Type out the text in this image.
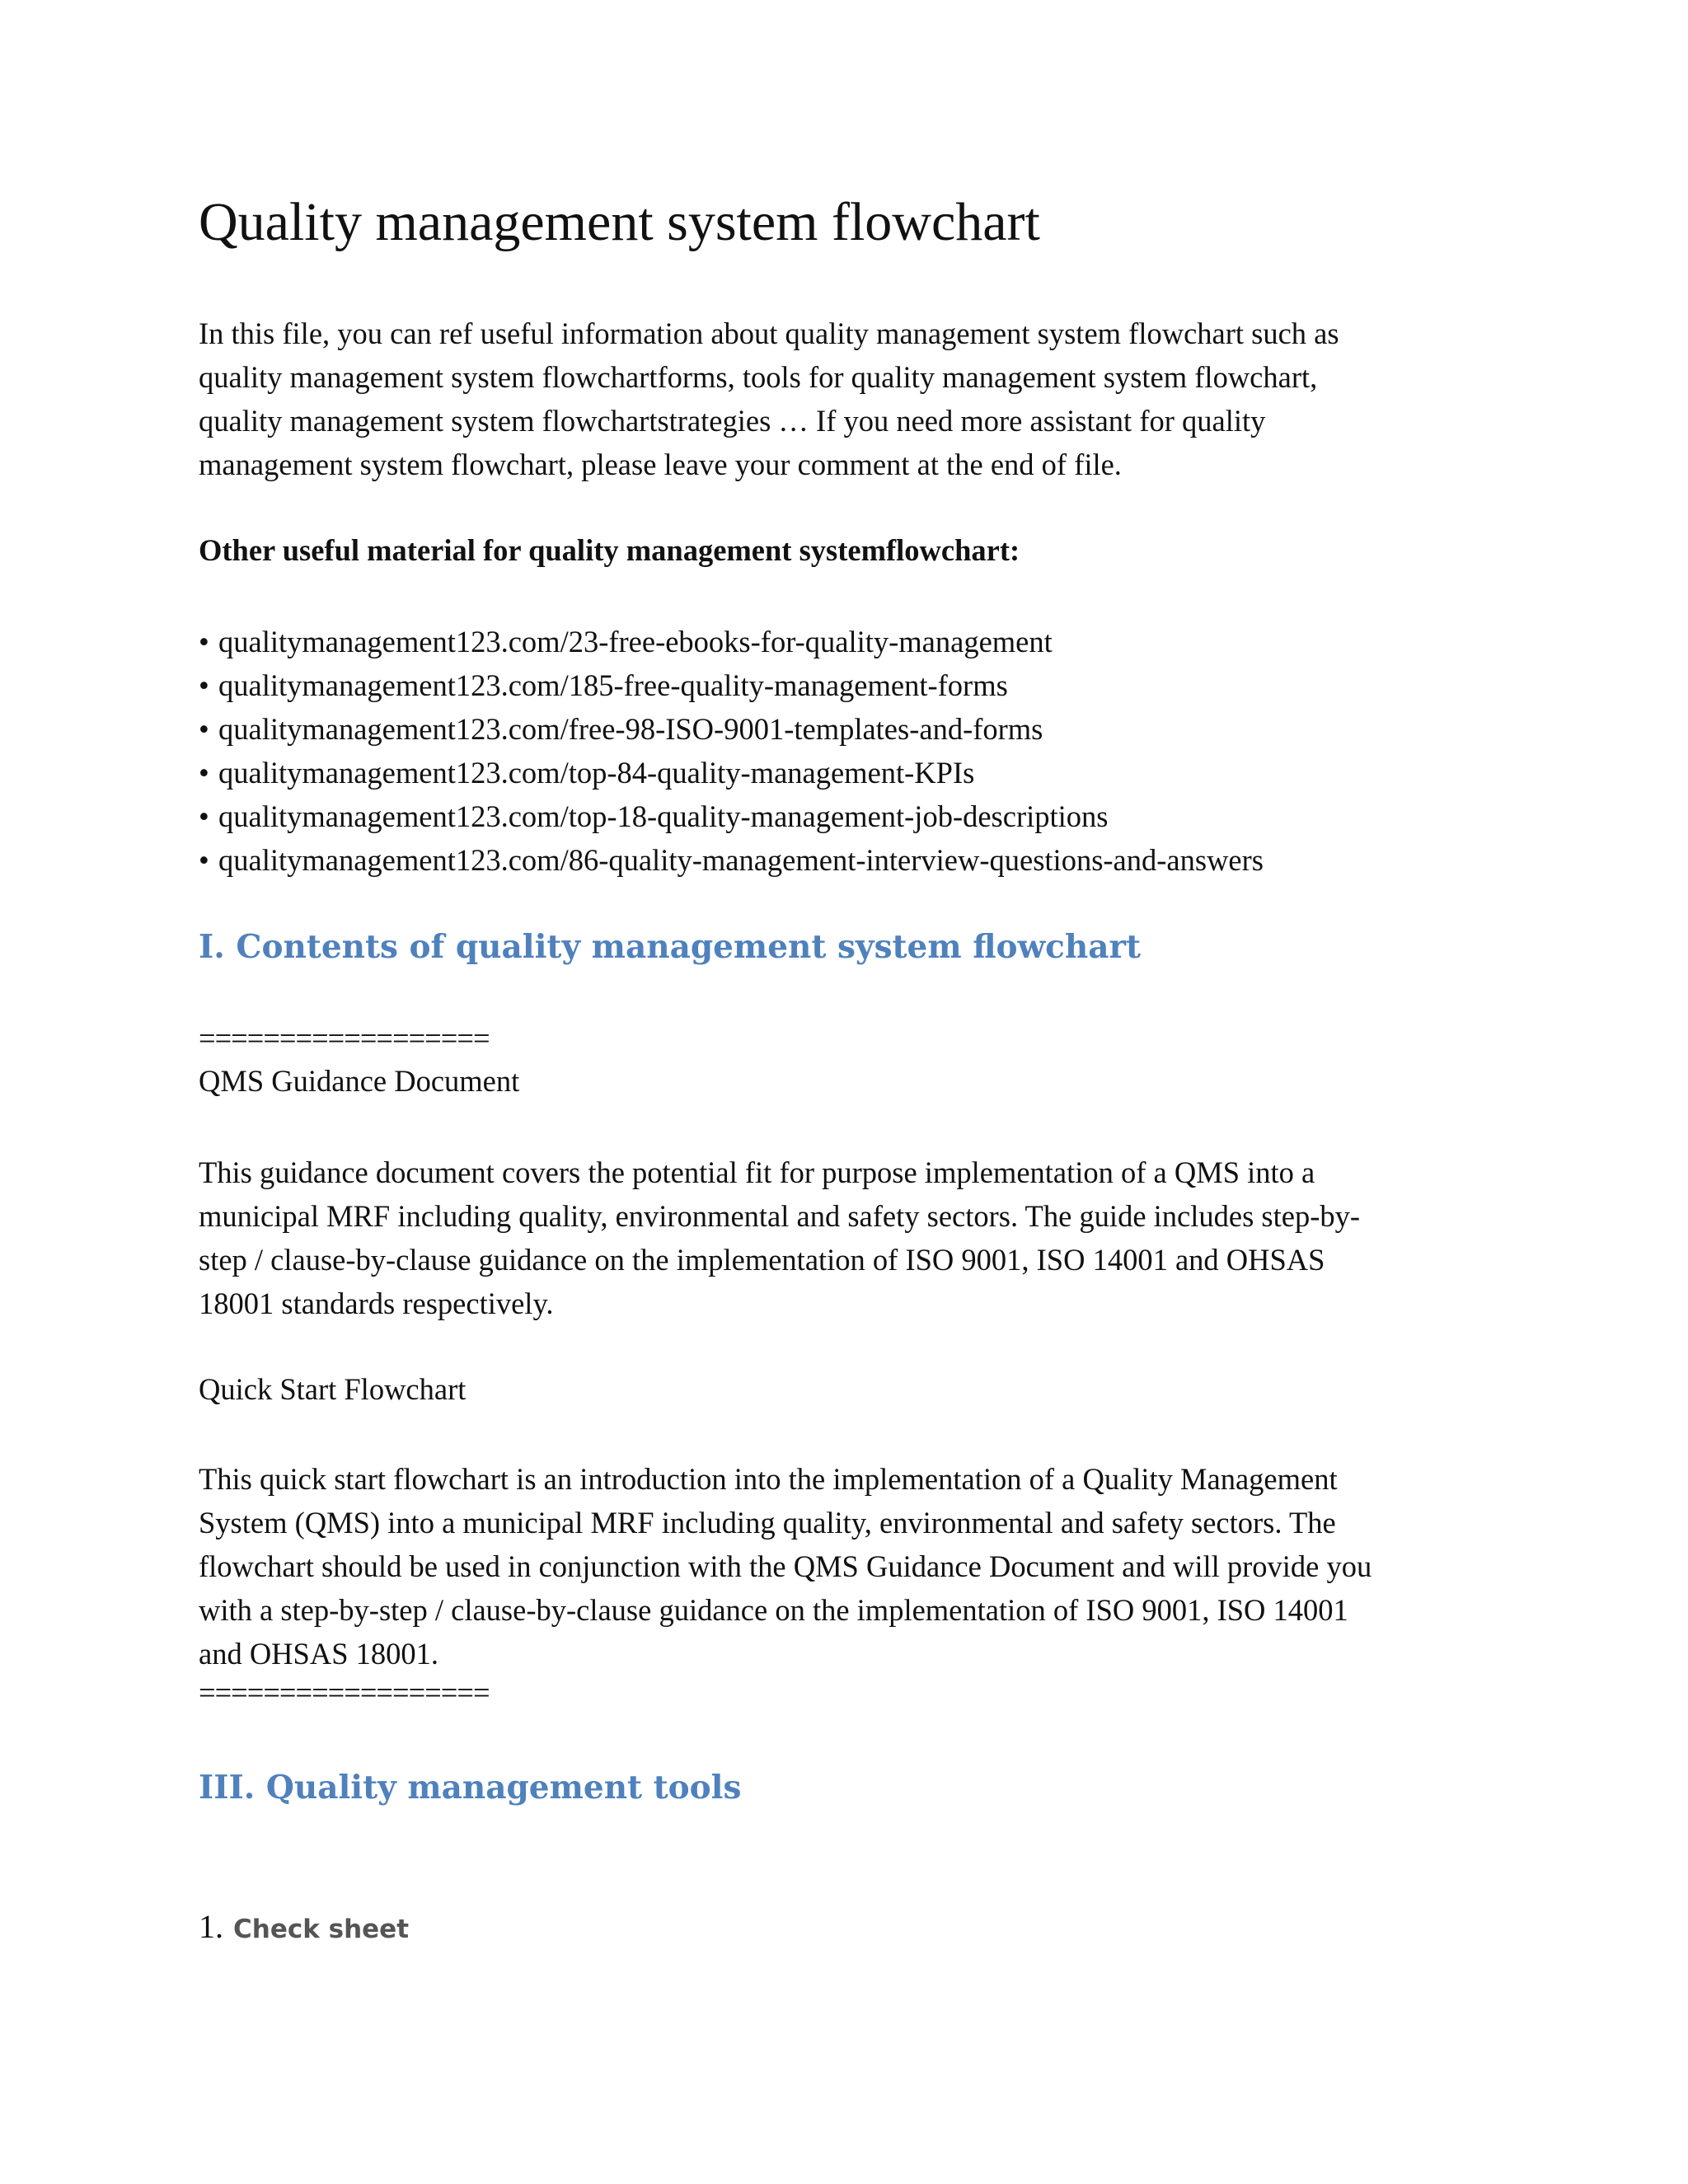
Quality management system flowchart

In this file, you can ref useful information about quality management system flowchart such as
quality management system flowchartforms, tools for quality management system flowchart,
quality management system flowchartstrategies … If you need more assistant for quality
management system flowchart, please leave your comment at the end of file.

Other useful material for quality management systemflowchart:

• qualitymanagement123.com/23-free-ebooks-for-quality-management
• qualitymanagement123.com/185-free-quality-management-forms
• qualitymanagement123.com/free-98-ISO-9001-templates-and-forms
• qualitymanagement123.com/top-84-quality-management-KPIs
• qualitymanagement123.com/top-18-quality-management-job-descriptions
• qualitymanagement123.com/86-quality-management-interview-questions-and-answers
I. Contents of quality management system flowchart

==================

QMS Guidance Document

This guidance document covers the potential fit for purpose implementation of a QMS into a
municipal MRF including quality, environmental and safety sectors. The guide includes step-by-
step / clause-by-clause guidance on the implementation of ISO 9001, ISO 14001 and OHSAS
18001 standards respectively.

Quick Start Flowchart

This quick start flowchart is an introduction into the implementation of a Quality Management
System (QMS) into a municipal MRF including quality, environmental and safety sectors. The
flowchart should be used in conjunction with the QMS Guidance Document and will provide you
with a step-by-step / clause-by-clause guidance on the implementation of ISO 9001, ISO 14001
and OHSAS 18001.

==================

III. Quality management tools
1. Check sheet
